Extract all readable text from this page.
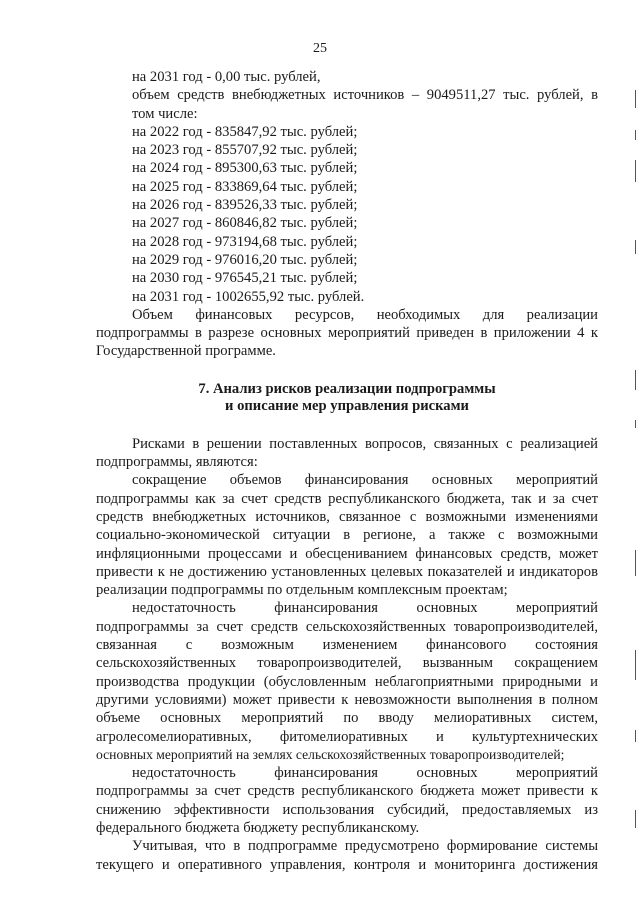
25
на 2031 год - 0,00 тыс. рублей,
объем средств внебюджетных источников – 9049511,27 тыс. рублей, в
том числе:
на 2022 год - 835847,92 тыс. рублей;
на 2023 год - 855707,92 тыс. рублей;
на 2024 год - 895300,63 тыс. рублей;
на 2025 год - 833869,64 тыс. рублей;
на 2026 год - 839526,33 тыс. рублей;
на 2027 год - 860846,82 тыс. рублей;
на 2028 год - 973194,68 тыс. рублей;
на 2029 год - 976016,20 тыс. рублей;
на 2030 год - 976545,21 тыс. рублей;
на 2031 год - 1002655,92 тыс. рублей.
Объем финансовых ресурсов, необходимых для реализации
подпрограммы в разрезе основных мероприятий приведен в приложении 4 к
Государственной программе.
7. Анализ рисков реализации подпрограммы
и описание мер управления рисками
Рисками в решении поставленных вопросов, связанных с реализацией
подпрограммы, являются:
сокращение объемов финансирования основных мероприятий
подпрограммы как за счет средств республиканского бюджета, так и за счет
средств внебюджетных источников, связанное с возможными изменениями
социально-экономической ситуации в регионе, а также с возможными
инфляционными процессами и обесцениванием финансовых средств, может
привести к не достижению установленных целевых показателей и индикаторов
реализации подпрограммы по отдельным комплексным проектам;
недостаточность финансирования основных мероприятий
подпрограммы за счет средств сельскохозяйственных товаропроизводителей,
связанная с возможным изменением финансового состояния
сельскохозяйственных товаропроизводителей, вызванным сокращением
производства продукции (обусловленным неблагоприятными природными и
другими условиями) может привести к невозможности выполнения в полном
объеме основных мероприятий по вводу мелиоративных систем,
агролесомелиоративных, фитомелиоративных и культуртехнических
основных мероприятий на землях сельскохозяйственных товаропроизводителей;
недостаточность финансирования основных мероприятий
подпрограммы за счет средств республиканского бюджета может привести к
снижению эффективности использования субсидий, предоставляемых из
федерального бюджета бюджету республиканскому.
Учитывая, что в подпрограмме предусмотрено формирование системы
текущего и оперативного управления, контроля и мониторинга достижения
